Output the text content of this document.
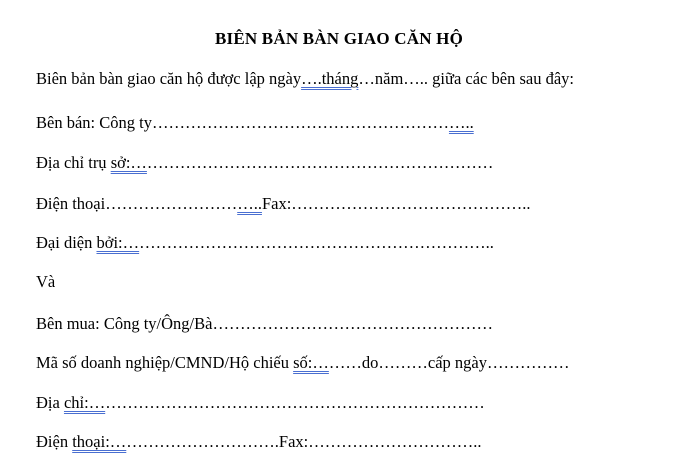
BIÊN BẢN BÀN GIAO CĂN HỘ
Biên bản bàn giao căn hộ được lập ngày….tháng…năm….. giữa các bên sau đây:
Bên bán: Công ty…………………………………………………..
Địa chỉ trụ sở:…………………………………………………………
Điện thoại………………………..Fax:……………………………………..
Đại diện bởi:…………………………………………………………..
Và
Bên mua: Công ty/Ông/Bà……………………………………………
Mã số doanh nghiệp/CMND/Hộ chiếu số:………do………cấp ngày……………
Địa chỉ:………………………………………………………………
Điện thoại:………………………….Fax:…………………………..
